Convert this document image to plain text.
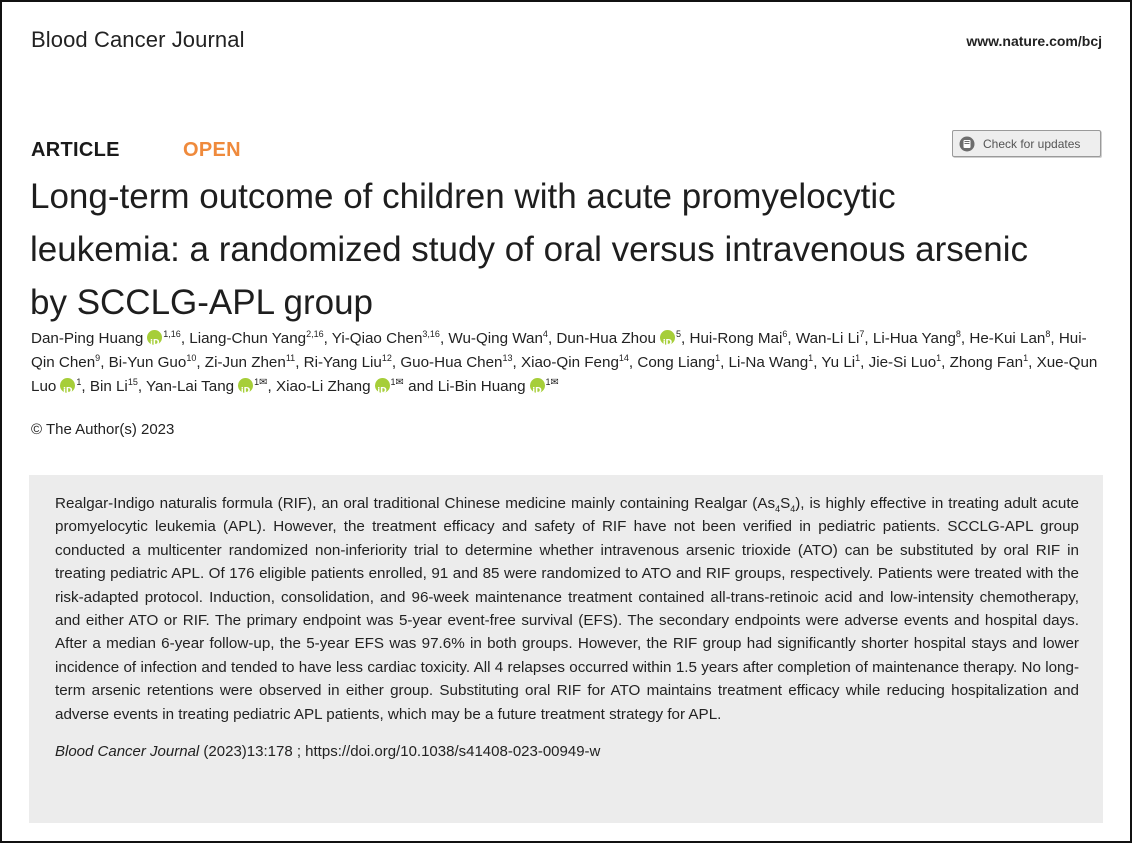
Blood Cancer Journal	www.nature.com/bcj
ARTICLE	OPEN	Check for updates
Long-term outcome of children with acute promyelocytic leukemia: a randomized study of oral versus intravenous arsenic by SCCLG-APL group
Dan-Ping Huang iD $^{1,16}$, Liang-Chun Yang$^{2,16}$, Yi-Qiao Chen$^{3,16}$, Wu-Qing Wan$^4$, Dun-Hua Zhou iD $^5$, Hui-Rong Mai$^6$, Wan-Li Li$^7$, Li-Hua Yang$^8$, He-Kui Lan$^8$, Hui-Qin Chen$^9$, Bi-Yun Guo$^{10}$, Zi-Jun Zhen$^{11}$, Ri-Yang Liu$^{12}$, Guo-Hua Chen$^{13}$, Xiao-Qin Feng$^{14}$, Cong Liang$^1$, Li-Na Wang$^1$, Yu Li$^1$, Jie-Si Luo$^1$, Zhong Fan$^1$, Xue-Qun Luo iD $^1$, Bin Li$^{15}$, Yan-Lai Tang iD $^{1✉}$, Xiao-Li Zhang iD $^{1✉}$ and Li-Bin Huang iD $^{1✉}$
© The Author(s) 2023

Realgar-Indigo naturalis formula (RIF), an oral traditional Chinese medicine mainly containing Realgar $(As_4S_4)$, is highly effective in treating adult acute promyelocytic leukemia (APL). However, the treatment efficacy and safety of RIF have not been verified in pediatric patients. SCCLG-APL group conducted a multicenter randomized non-inferiority trial to determine whether intravenous arsenic trioxide (ATO) can be substituted by oral RIF in treating pediatric APL. Of 176 eligible patients enrolled, 91 and 85 were randomized to ATO and RIF groups, respectively. Patients were treated with the risk-adapted protocol. Induction, consolidation, and 96-week maintenance treatment contained all-trans-retinoic acid and low-intensity chemotherapy, and either ATO or RIF. The primary endpoint was 5-year event-free survival (EFS). The secondary endpoints were adverse events and hospital days. After a median 6-year follow-up, the 5-year EFS was 97.6% in both groups. However, the RIF group had significantly shorter hospital stays and lower incidence of infection and tended to have less cardiac toxicity. All 4 relapses occurred within 1.5 years after completion of maintenance therapy. No long-term arsenic retentions were observed in either group. Substituting oral RIF for ATO maintains treatment efficacy while reducing hospitalization and adverse events in treating pediatric APL patients, which may be a future treatment strategy for APL.

Blood Cancer Journal (2023)13:178 ; https://doi.org/10.1038/s41408-023-00949-w
